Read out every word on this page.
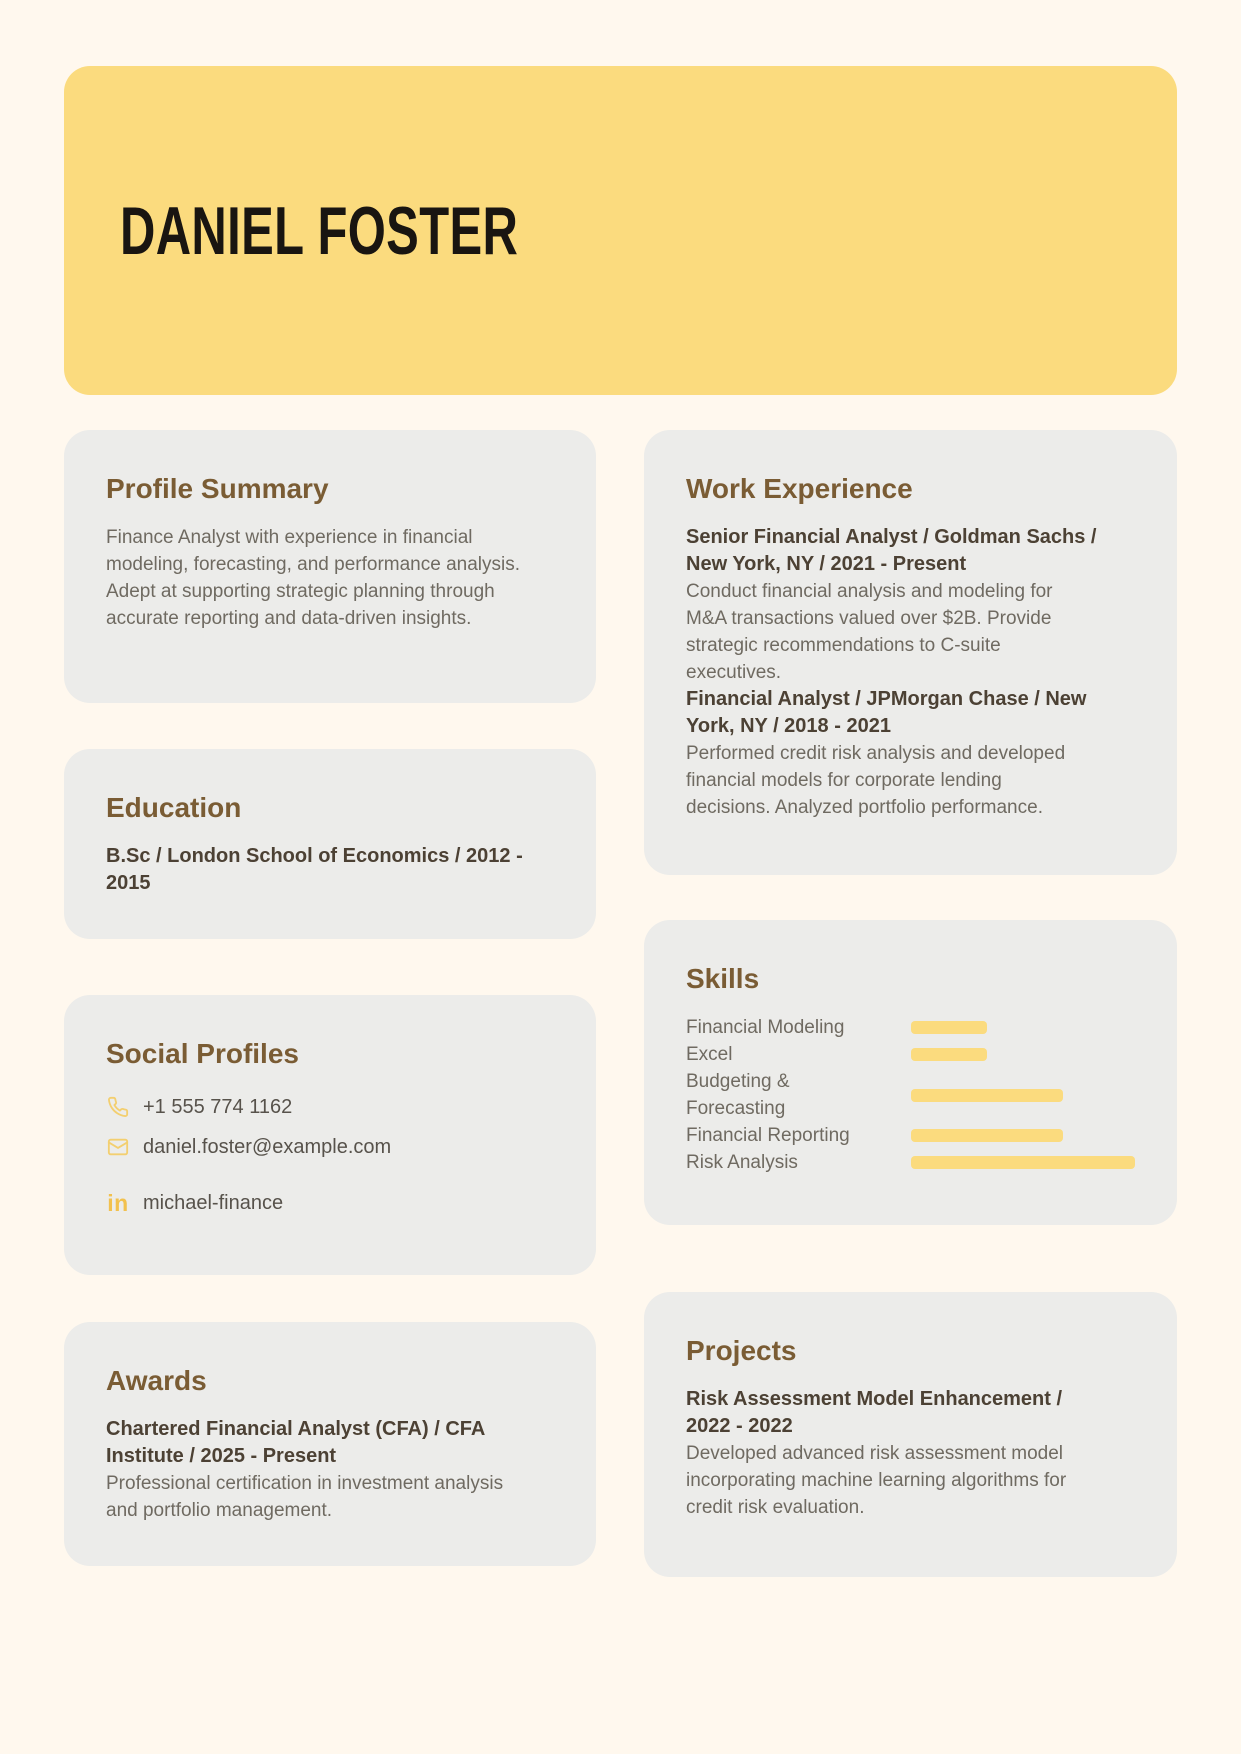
DANIEL FOSTER
Profile Summary

Finance Analyst with experience in financial modeling, forecasting, and performance analysis. Adept at supporting strategic planning through accurate reporting and data-driven insights.

Education

B.Sc / London School of Economics / 2012 - 2015

Social Profiles
+1 555 774 1162
daniel.foster@example.com
in michael-finance
Awards

Chartered Financial Analyst (CFA) / CFA Institute / 2025 - Present

Professional certification in investment analysis and portfolio management.

Work Experience
Senior Financial Analyst / Goldman Sachs / New York, NY / 2021 - Present
Conduct financial analysis and modeling for M&A transactions valued over $2B. Provide strategic recommendations to C-suite executives.
Financial Analyst / JPMorgan Chase / New York, NY / 2018 - 2021
Performed credit risk analysis and developed financial models for corporate lending decisions. Analyzed portfolio performance.
Skills
Financial Modeling
Excel
Budgeting & Forecasting
Financial Reporting
Risk Analysis
Projects

Risk Assessment Model Enhancement / 2022 - 2022

Developed advanced risk assessment model incorporating machine learning algorithms for credit risk evaluation.
